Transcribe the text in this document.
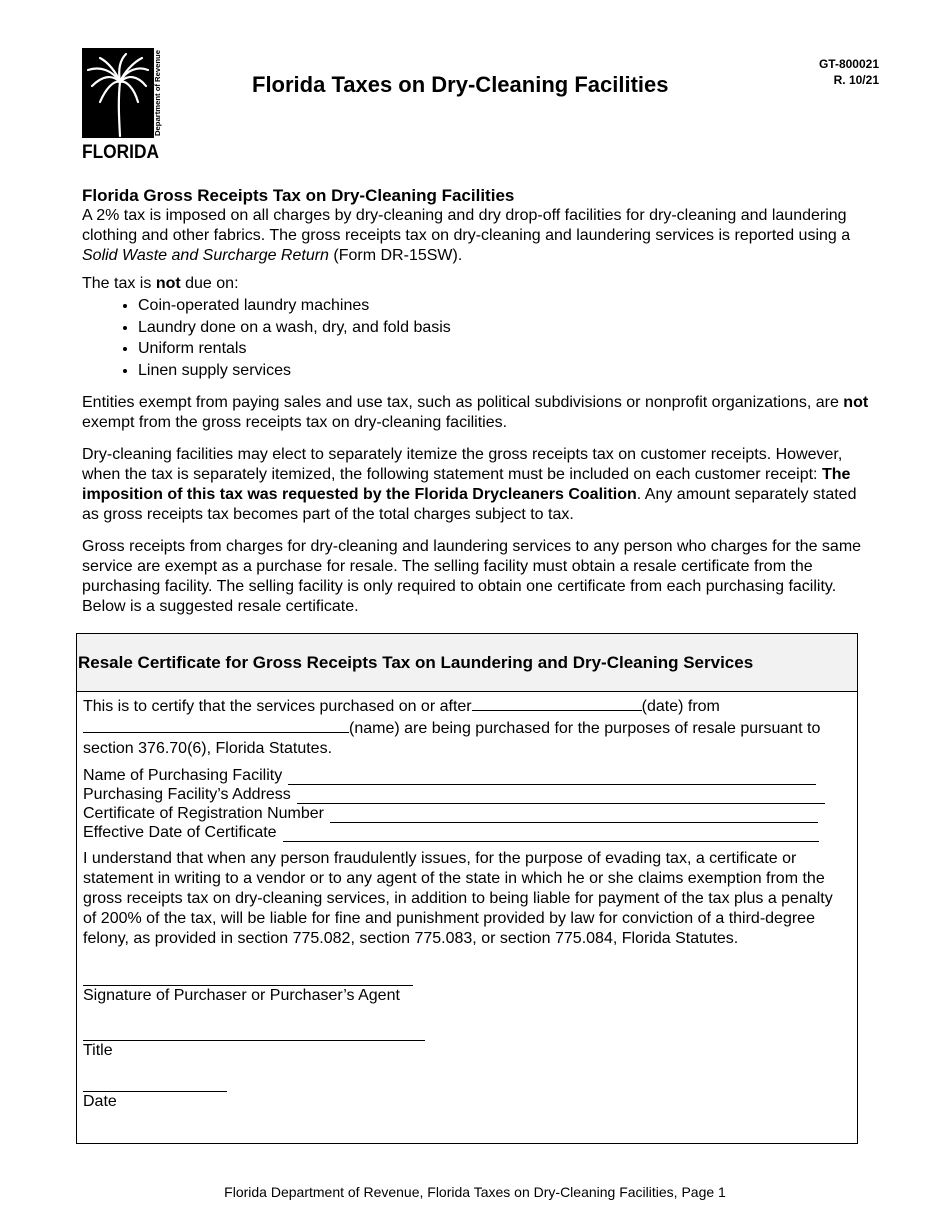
Department of Revenue
FLORIDA
Florida Taxes on Dry-Cleaning Facilities
GT-800021
R. 10/21
Florida Gross Receipts Tax on Dry-Cleaning Facilities

A 2% tax is imposed on all charges by dry-cleaning and dry drop-off facilities for dry-cleaning and laundering clothing and other fabrics. The gross receipts tax on dry-cleaning and laundering services is reported using a Solid Waste and Surcharge Return (Form DR-15SW).

The tax is not due on:

• Coin-operated laundry machines
• Laundry done on a wash, dry, and fold basis
• Uniform rentals
• Linen supply services

Entities exempt from paying sales and use tax, such as political subdivisions or nonprofit organizations, are not exempt from the gross receipts tax on dry-cleaning facilities.

Dry-cleaning facilities may elect to separately itemize the gross receipts tax on customer receipts. However, when the tax is separately itemized, the following statement must be included on each customer receipt: The imposition of this tax was requested by the Florida Drycleaners Coalition. Any amount separately stated as gross receipts tax becomes part of the total charges subject to tax.

Gross receipts from charges for dry-cleaning and laundering services to any person who charges for the same service are exempt as a purchase for resale. The selling facility must obtain a resale certificate from the purchasing facility. The selling facility is only required to obtain one certificate from each purchasing facility. Below is a suggested resale certificate.

Resale Certificate for Gross Receipts Tax on Laundering and Dry-Cleaning Services

This is to certify that the services purchased on or after	(date) from
(name) are being purchased for the purposes of resale pursuant to section 376.70(6), Florida Statutes.

Name of Purchasing Facility
Purchasing Facility’s Address
Certificate of Registration Number
Effective Date of Certificate

I understand that when any person fraudulently issues, for the purpose of evading tax, a certificate or statement in writing to a vendor or to any agent of the state in which he or she claims exemption from the gross receipts tax on dry-cleaning services, in addition to being liable for payment of the tax plus a penalty of 200% of the tax, will be liable for fine and punishment provided by law for conviction of a third-degree felony, as provided in section 775.082, section 775.083, or section 775.084, Florida Statutes.

Signature of Purchaser or Purchaser’s Agent
Title
Date
Florida Department of Revenue, Florida Taxes on Dry-Cleaning Facilities, Page 1
